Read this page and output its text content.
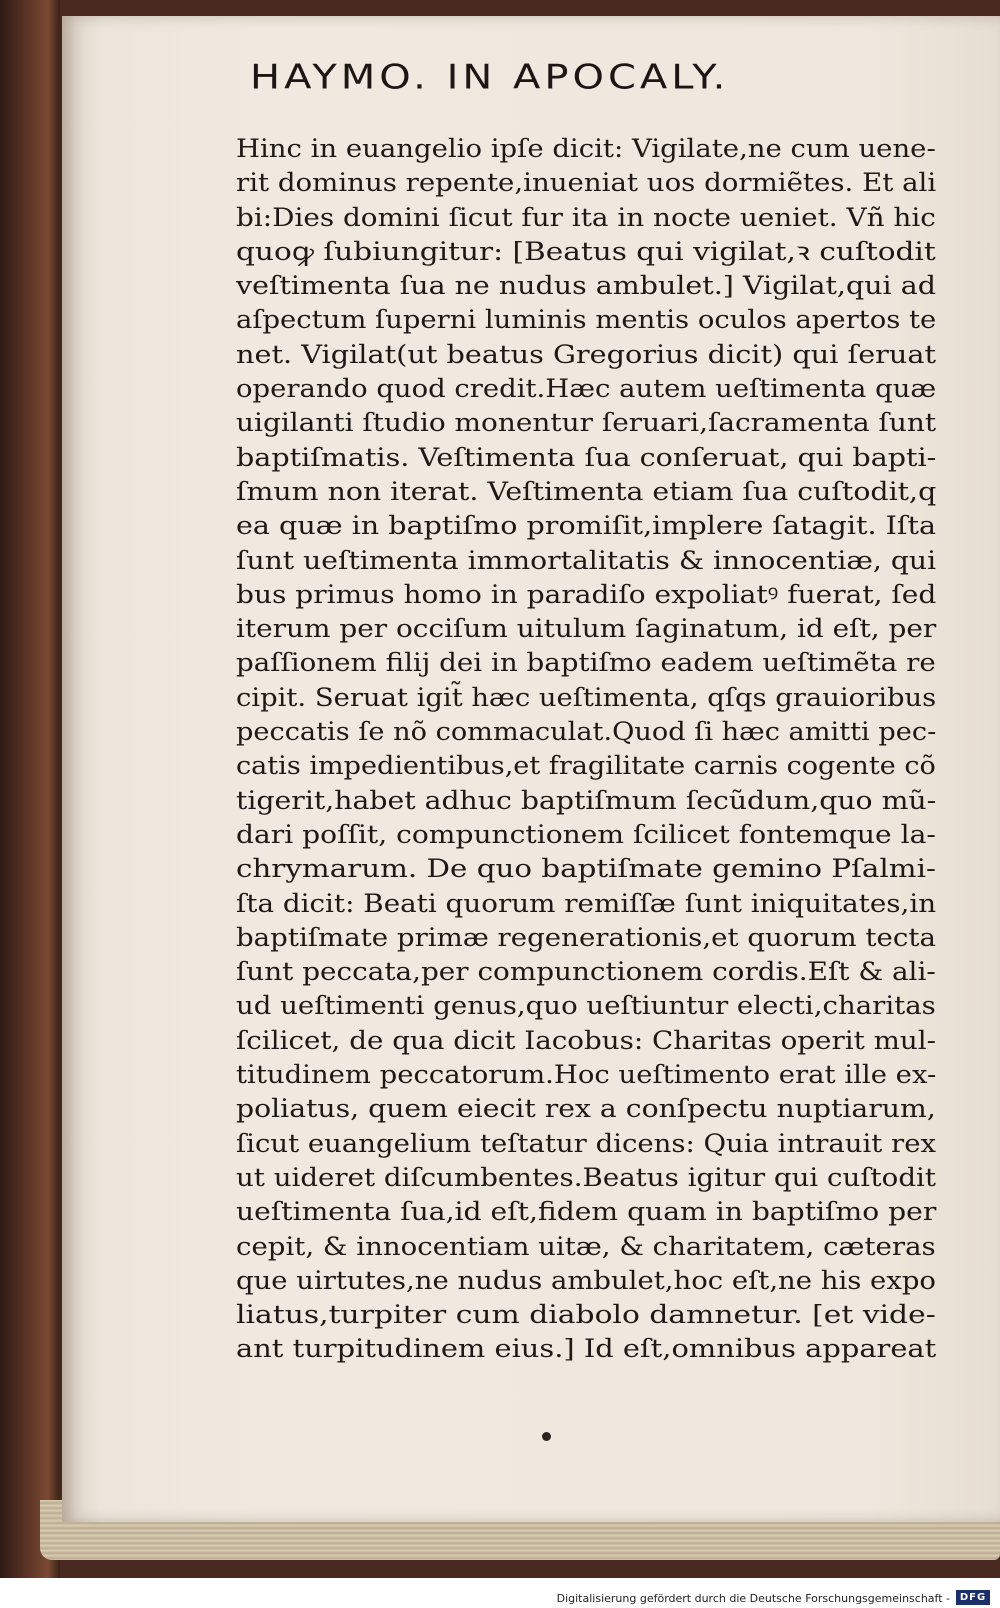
HAYMO. IN APOCALY.
Hinc in euangelio ipſe dicit: Vigilate,ne cum uene-
rit dominus repente,inueniat uos dormiẽtes. Et ali
bi:Dies domini ſicut fur ita in nocte ueniet. Vñ hic
quoꝙ ſubiungitur: [Beatus qui vigilat,ꝛ cuſtodit
veſtimenta ſua ne nudus ambulet.] Vigilat,qui ad
aſpectum ſuperni luminis mentis oculos apertos te
net. Vigilat(ut beatus Gregorius dicit) qui ſeruat
operando quod credit.Hæc autem ueſtimenta quæ
uigilanti ſtudio monentur ſeruari,ſacramenta ſunt
baptiſmatis. Veſtimenta ſua conſeruat, qui bapti-
ſmum non iterat. Veſtimenta etiam ſua cuſtodit,q
ea quæ in baptiſmo promiſit,implere ſatagit. Iſta
ſunt ueſtimenta immortalitatis & innocentiæ, qui
bus primus homo in paradiſo expoliatꝰ fuerat, ſed
iterum per occiſum uitulum ſaginatum, id eſt, per
paſſionem filij dei in baptiſmo eadem ueſtimẽta re
cipit. Seruat igit̃ hæc ueſtimenta, qſqs grauioribus
peccatis ſe nõ commaculat.Quod ſi hæc amitti pec-
catis impedientibus,et fragilitate carnis cogente cõ
tigerit,habet adhuc baptiſmum ſecũdum,quo mũ-
dari poſſit, compunctionem ſcilicet fontemque la-
chrymarum. De quo baptiſmate gemino Pſalmi-
ſta dicit: Beati quorum remiſſæ ſunt iniquitates,in
baptiſmate primæ regenerationis,et quorum tecta
ſunt peccata,per compunctionem cordis.Eſt & ali-
ud ueſtimenti genus,quo ueſtiuntur electi,charitas
ſcilicet, de qua dicit Iacobus: Charitas operit mul-
titudinem peccatorum.Hoc ueſtimento erat ille ex-
poliatus, quem eiecit rex a conſpectu nuptiarum,
ſicut euangelium teſtatur dicens: Quia intrauit rex
ut uideret diſcumbentes.Beatus igitur qui cuſtodit
ueſtimenta ſua,id eſt,fidem quam in baptiſmo per
cepit, & innocentiam uitæ, & charitatem, cæteras
que uirtutes,ne nudus ambulet,hoc eſt,ne his expo
liatus,turpiter cum diabolo damnetur. [et vide-
ant turpitudinem eius.] Id eſt,omnibus appareat
Digitalisierung gefördert durch die Deutsche Forschungsgemeinschaft - DFG
